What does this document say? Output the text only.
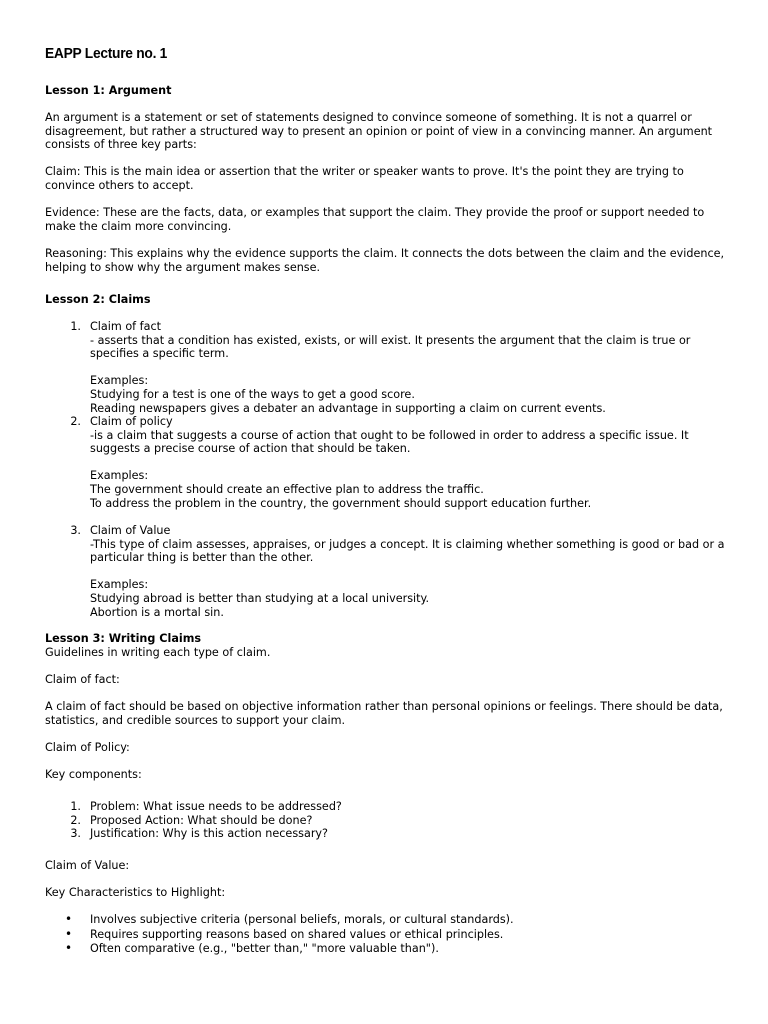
EAPP Lecture no. 1
Lesson 1: Argument

An argument is a statement or set of statements designed to convince someone of something. It is not a quarrel or disagreement, but rather a structured way to present an opinion or point of view in a convincing manner. An argument consists of three key parts:

Claim: This is the main idea or assertion that the writer or speaker wants to prove. It's the point they are trying to convince others to accept.

Evidence: These are the facts, data, or examples that support the claim. They provide the proof or support needed to make the claim more convincing.

Reasoning: This explains why the evidence supports the claim. It connects the dots between the claim and the evidence, helping to show why the argument makes sense.

Lesson 2: Claims
1. Claim of fact
- asserts that a condition has existed, exists, or will exist. It presents the argument that the claim is true or specifies a specific term.
Examples:
Studying for a test is one of the ways to get a good score.
Reading newspapers gives a debater an advantage in supporting a claim on current events.
2. Claim of policy
-is a claim that suggests a course of action that ought to be followed in order to address a specific issue. It suggests a precise course of action that should be taken.
Examples:
The government should create an effective plan to address the traffic.
To address the problem in the country, the government should support education further.
3. Claim of Value
-This type of claim assesses, appraises, or judges a concept. It is claiming whether something is good or bad or a particular thing is better than the other.
Examples:
Studying abroad is better than studying at a local university.
Abortion is a mortal sin.
Lesson 3: Writing Claims
Guidelines in writing each type of claim.
Claim of fact:

A claim of fact should be based on objective information rather than personal opinions or feelings. There should be data, statistics, and credible sources to support your claim.

Claim of Policy:
Key components:
1. Problem: What issue needs to be addressed?
2. Proposed Action: What should be done?
3. Justification: Why is this action necessary?
Claim of Value:
Key Characteristics to Highlight:
• Involves subjective criteria (personal beliefs, morals, or cultural standards).
• Requires supporting reasons based on shared values or ethical principles.
• Often comparative (e.g., "better than," "more valuable than").
